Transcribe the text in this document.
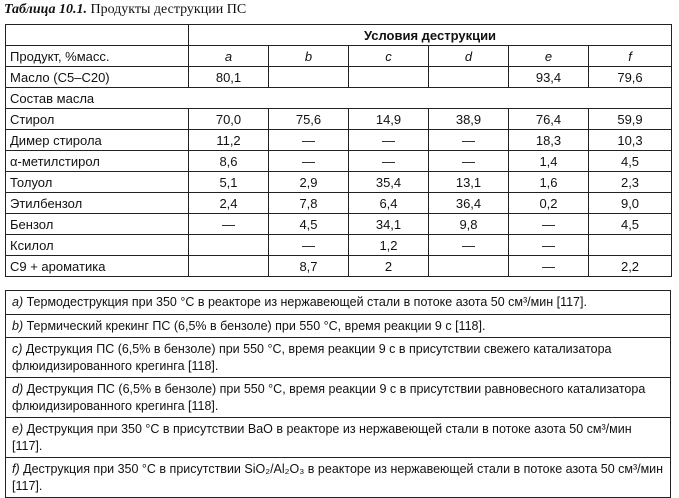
Таблица 10.1. Продукты деструкции ПС
	Условия деструкции					
Продукт, %масс.	a	b	c	d	e	f
Масло (C5–C20)	80,1				93,4	79,6
Состав масла						
Стирол	70,0	75,6	14,9	38,9	76,4	59,9
Димер стирола	11,2	—	—	—	18,3	10,3
α-метилстирол	8,6	—	—	—	1,4	4,5
Толуол	5,1	2,9	35,4	13,1	1,6	2,3
Этилбензол	2,4	7,8	6,4	36,4	0,2	9,0
Бензол	—	4,5	34,1	9,8	—	4,5
Ксилол		—	1,2	—	—	
C9 + ароматика		8,7	2		—	2,2
a) Термодеструкция при 350 °С в реакторе из нержавеющей стали в потоке азота 50 см³/мин [117].
b) Термический крекинг ПС (6,5% в бензоле) при 550 °С, время реакции 9 с [118].
c) Деструкция ПС (6,5% в бензоле) при 550 °С, время реакции 9 с в присутствии свежего катализатора флюидизированного крегинга [118].
d) Деструкция ПС (6,5% в бензоле) при 550 °С, время реакции 9 с в присутствии равновесного катализатора флюидизированного крегинга [118].
e) Деструкция при 350 °С в присутствии BaO в реакторе из нержавеющей стали в потоке азота 50 см³/мин [117].
f) Деструкция при 350 °С в присутствии SiO₂/Al₂O₃ в реакторе из нержавеющей стали в потоке азота 50 см³/мин [117].
